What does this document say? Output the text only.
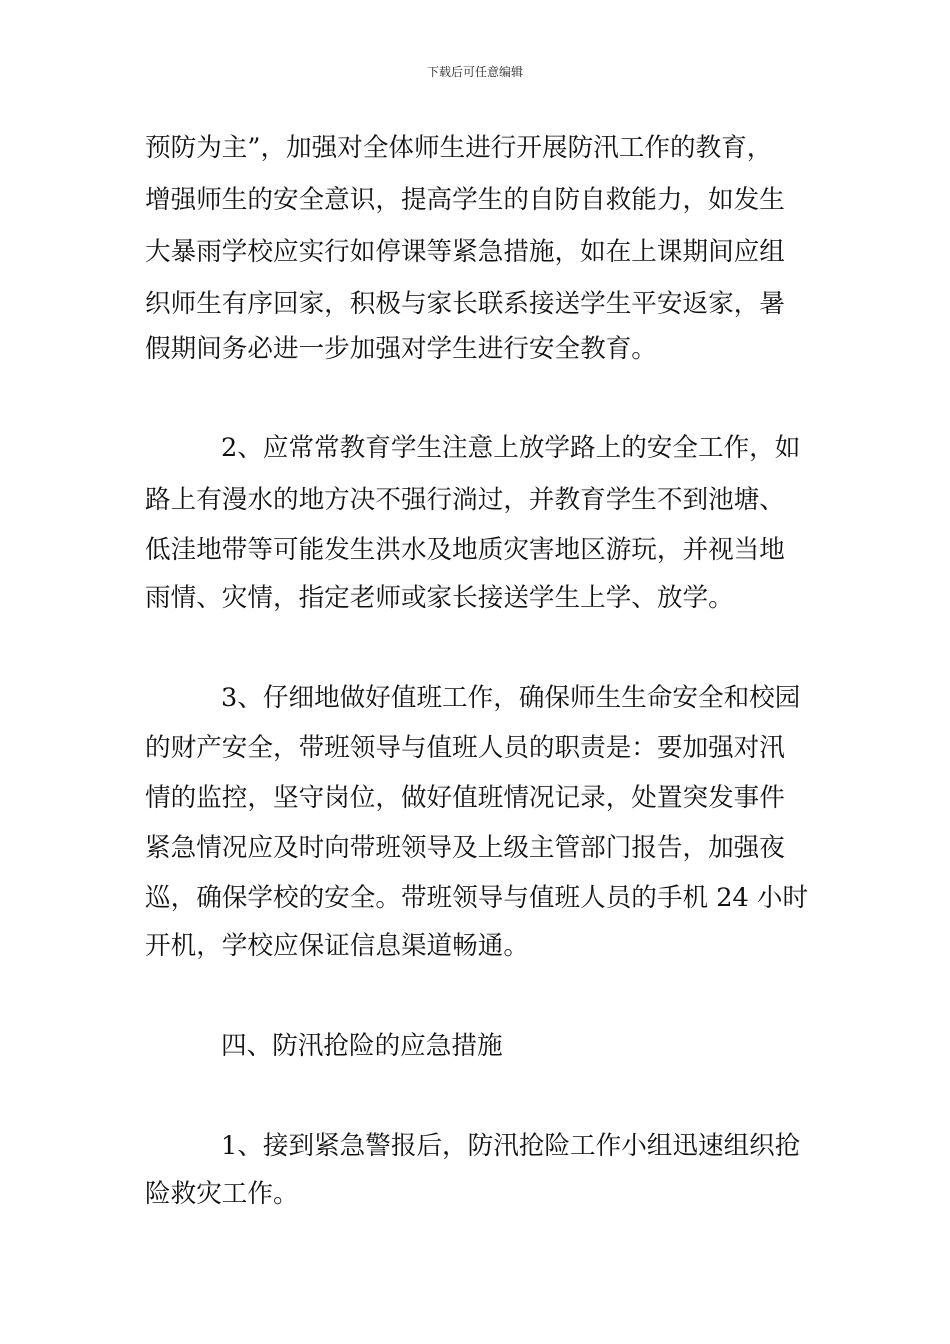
下载后可任意编辑
预防为主”，加强对全体师生进行开展防汛工作的教育，
增强师生的安全意识，提高学生的自防自救能力，如发生
大暴雨学校应实行如停课等紧急措施，如在上课期间应组
织师生有序回家，积极与家长联系接送学生平安返家，暑
假期间务必进一步加强对学生进行安全教育。
2、应常常教育学生注意上放学路上的安全工作，如
路上有漫水的地方决不强行淌过，并教育学生不到池塘、
低洼地带等可能发生洪水及地质灾害地区游玩，并视当地
雨情、灾情，指定老师或家长接送学生上学、放学。
3、仔细地做好值班工作，确保师生生命安全和校园
的财产安全，带班领导与值班人员的职责是：要加强对汛
情的监控，坚守岗位，做好值班情况记录，处置突发事件
紧急情况应及时向带班领导及上级主管部门报告，加强夜
巡，确保学校的安全。带班领导与值班人员的手机 24 小时
开机，学校应保证信息渠道畅通。
四、防汛抢险的应急措施
1、接到紧急警报后，防汛抢险工作小组迅速组织抢
险救灾工作。
